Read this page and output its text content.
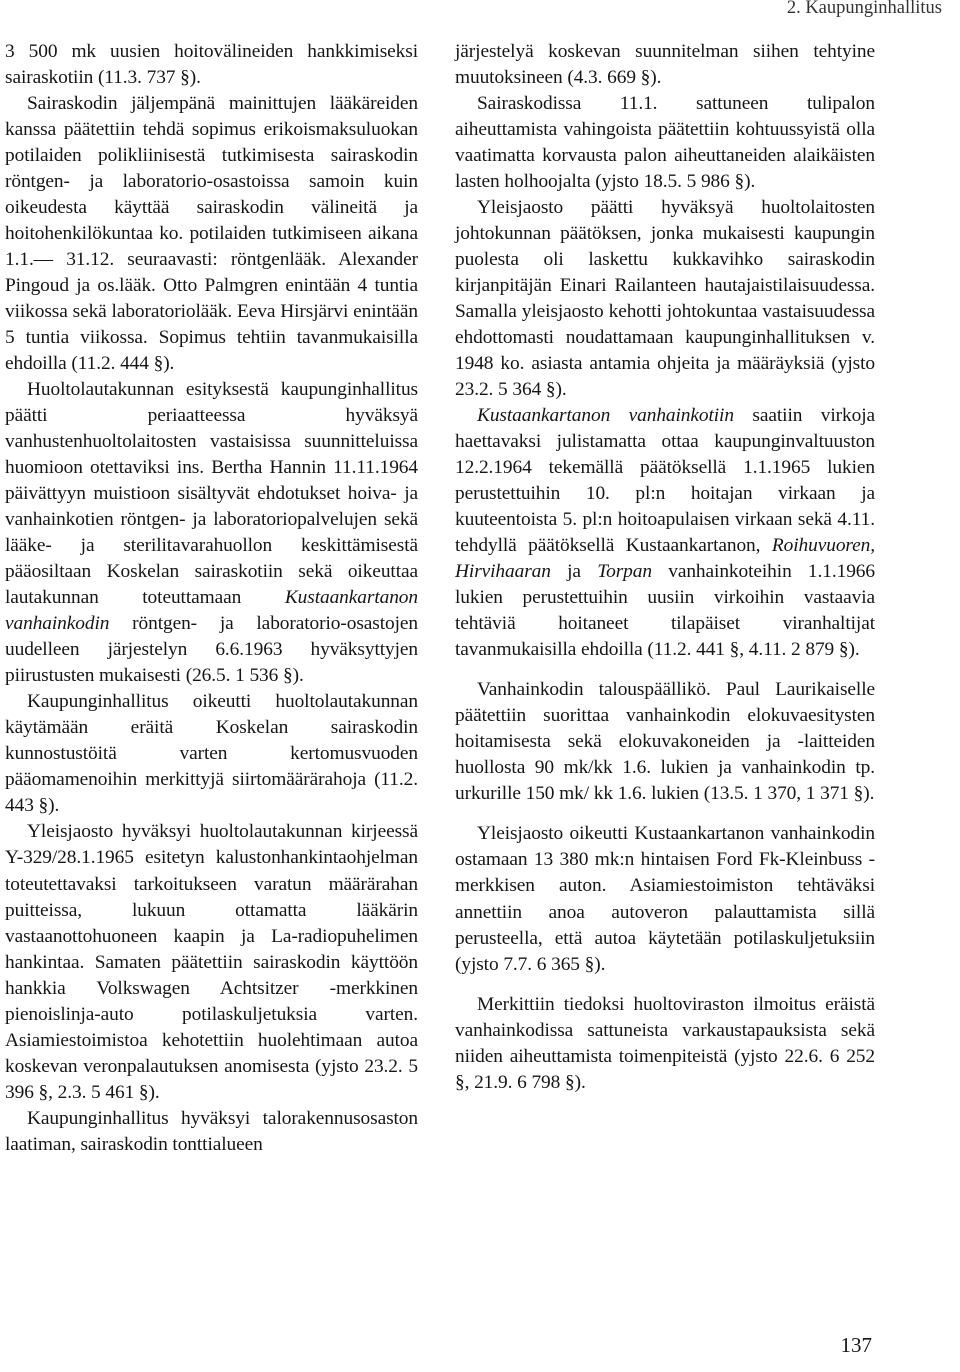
2. Kaupunginhallitus

3 500 mk uusien hoitovälineiden hankkimiseksi sairaskotiin (11.3. 737 §).

Sairaskodin jäljempänä mainittujen lääkäreiden kanssa päätettiin tehdä sopimus erikoismaksuluokan potilaiden polikliinisestä tutkimisesta sairaskodin röntgen- ja laboratorio-osastoissa samoin kuin oikeudesta käyttää sairaskodin välineitä ja hoitohenkilökuntaa ko. potilaiden tutkimiseen aikana 1.1.— 31.12. seuraavasti: röntgenlääk. Alexander Pingoud ja os.lääk. Otto Palmgren enintään 4 tuntia viikossa sekä laboratoriolääk. Eeva Hirsjärvi enintään 5 tuntia viikossa. Sopimus tehtiin tavanmukaisilla ehdoilla (11.2. 444 §).

Huoltolautakunnan esityksestä kaupunginhallitus päätti periaatteessa hyväksyä vanhustenhuoltolaitosten vastaisissa suunnitteluissa huomioon otettaviksi ins. Bertha Hannin 11.11.1964 päivättyyn muistioon sisältyvät ehdotukset hoiva- ja vanhainkotien röntgen- ja laboratoriopalvelujen sekä lääke- ja sterilitavarahuollon keskittämisestä pääosiltaan Koskelan sairaskotiin sekä oikeuttaa lautakunnan toteuttamaan Kustaankartanon vanhainkodin röntgen- ja laboratorio-osastojen uudelleen järjestelyn 6.6.1963 hyväksyttyjen piirustusten mukaisesti (26.5. 1 536 §).

Kaupunginhallitus oikeutti huoltolautakunnan käytämään eräitä Koskelan sairaskodin kunnostustöitä varten kertomusvuoden pääomamenoihin merkittyjä siirtomäärärahoja (11.2. 443 §).

Yleisjaosto hyväksyi huoltolautakunnan kirjeessä Y-329/28.1.1965 esitetyn kalustonhankintaohjelman toteutettavaksi tarkoitukseen varatun määrärahan puitteissa, lukuun ottamatta lääkärin vastaanottohuoneen kaapin ja La-radiopuhelimen hankintaa. Samaten päätettiin sairaskodin käyttöön hankkia Volkswagen Achtsitzer -merkkinen pienoislinja-auto potilaskuljetuksia varten. Asiamiestoimistoa kehotettiin huolehtimaan autoa koskevan veronpalautuksen anomisesta (yjsto 23.2. 5 396 §, 2.3. 5 461 §).

Kaupunginhallitus hyväksyi talorakennusosaston laatiman, sairaskodin tonttialueen

järjestelyä koskevan suunnitelman siihen tehtyine muutoksineen (4.3. 669 §).

Sairaskodissa 11.1. sattuneen tulipalon aiheuttamista vahingoista päätettiin kohtuussyistä olla vaatimatta korvausta palon aiheuttaneiden alaikäisten lasten holhoojalta (yjsto 18.5. 5 986 §).

Yleisjaosto päätti hyväksyä huoltolaitosten johtokunnan päätöksen, jonka mukaisesti kaupungin puolesta oli laskettu kukkavihko sairaskodin kirjanpitäjän Einari Railanteen hautajaistilaisuudessa. Samalla yleisjaosto kehotti johtokuntaa vastaisuudessa ehdottomasti noudattamaan kaupunginhallituksen v. 1948 ko. asiasta antamia ohjeita ja määräyksiä (yjsto 23.2. 5 364 §).

Kustaankartanon vanhainkotiin saatiin virkoja haettavaksi julistamatta ottaa kaupunginvaltuuston 12.2.1964 tekemällä päätöksellä 1.1.1965 lukien perustettuihin 10. pl:n hoitajan virkaan ja kuuteentoista 5. pl:n hoitoapulaisen virkaan sekä 4.11. tehdyllä päätöksellä Kustaankartanon, Roihuvuoren, Hirvihaaran ja Torpan vanhainkoteihin 1.1.1966 lukien perustettuihin uusiin virkoihin vastaavia tehtäviä hoitaneet tilapäiset viranhaltijat tavanmukaisilla ehdoilla (11.2. 441 §, 4.11. 2 879 §).

Vanhainkodin talouspäällikö. Paul Laurikaiselle päätettiin suorittaa vanhainkodin elokuvaesitysten hoitamisesta sekä elokuvakoneiden ja -laitteiden huollosta 90 mk/kk 1.6. lukien ja vanhainkodin tp. urkurille 150 mk/ kk 1.6. lukien (13.5. 1 370, 1 371 §).

Yleisjaosto oikeutti Kustaankartanon vanhainkodin ostamaan 13 380 mk:n hintaisen Ford Fk-Kleinbuss -merkkisen auton. Asiamiestoimiston tehtäväksi annettiin anoa autoveron palauttamista sillä perusteella, että autoa käytetään potilaskuljetuksiin (yjsto 7.7. 6 365 §).

Merkittiin tiedoksi huoltoviraston ilmoitus eräistä vanhainkodissa sattuneista varkaustapauksista sekä niiden aiheuttamista toimenpiteistä (yjsto 22.6. 6 252 §, 21.9. 6 798 §).

137
